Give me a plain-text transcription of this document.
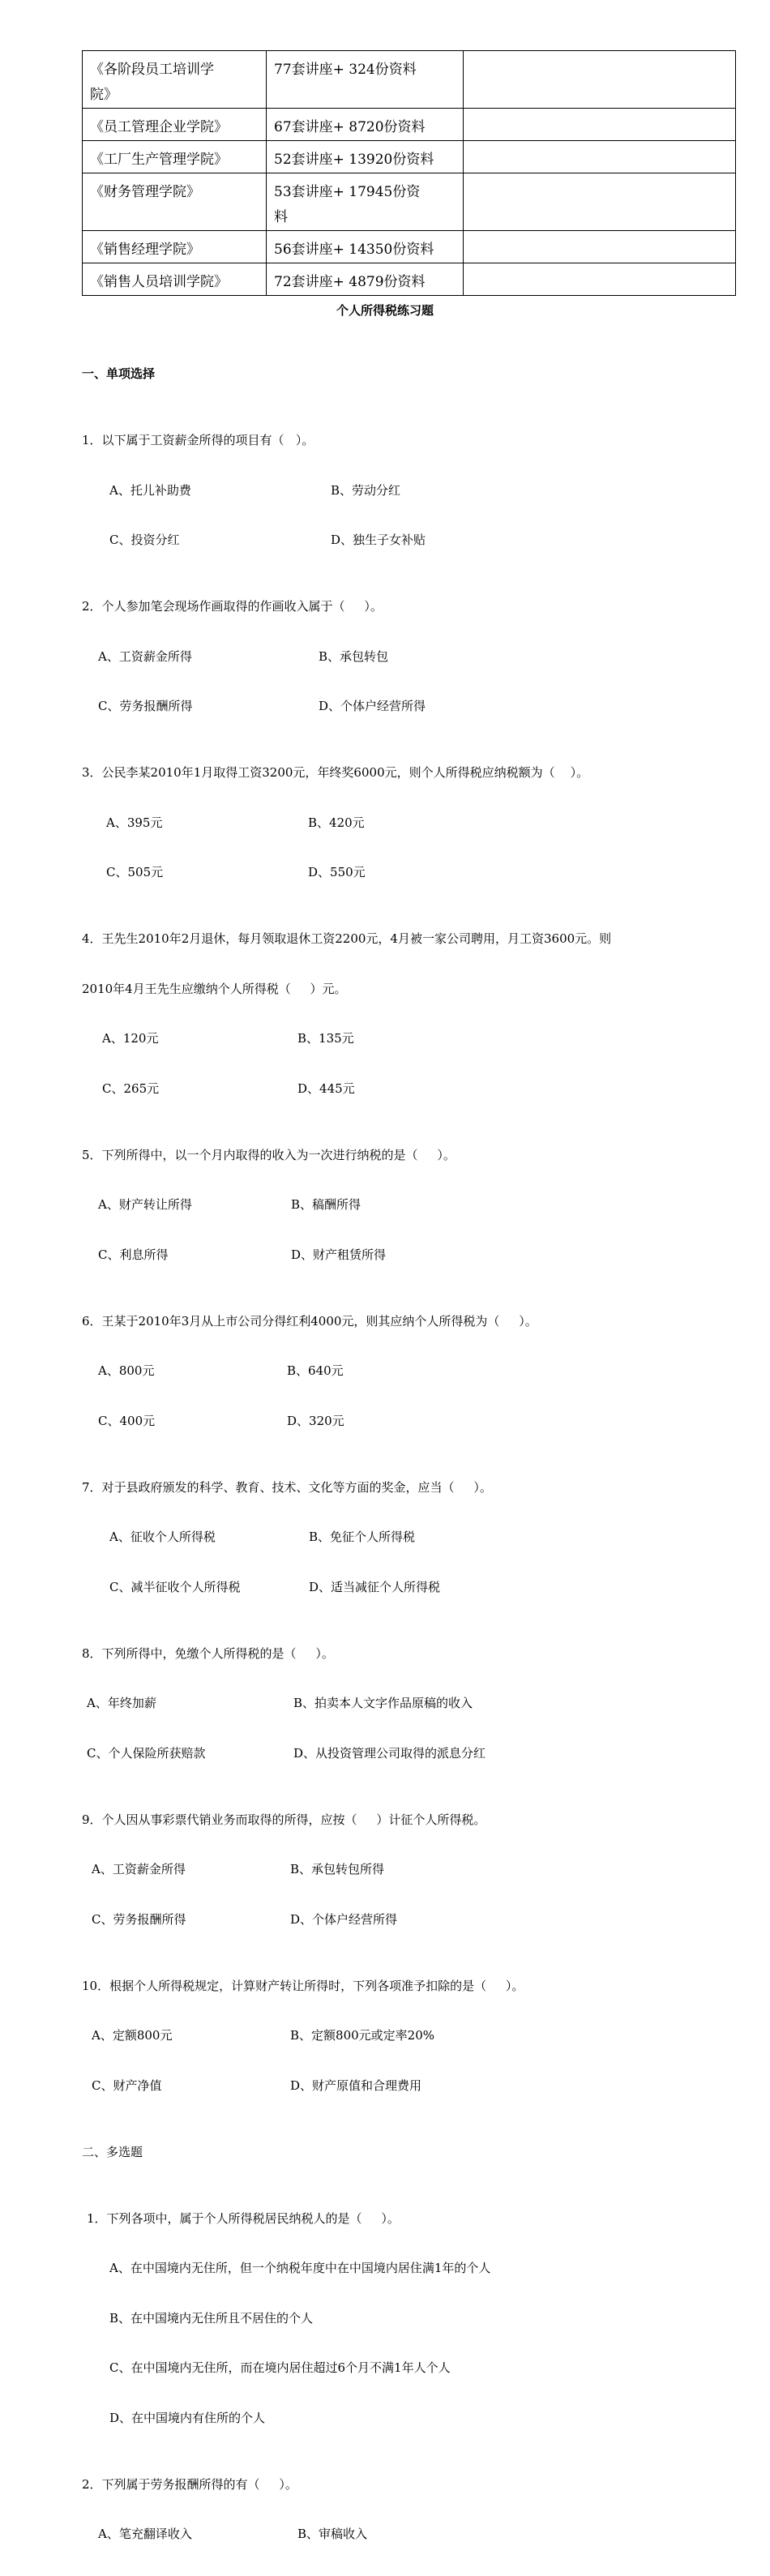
《各阶段员工培训学
院》	77套讲座+ 324份资料	
《员工管理企业学院》	67套讲座+ 8720份资料	
《工厂生产管理学院》	52套讲座+ 13920份资料	
《财务管理学院》	53套讲座+ 17945份资
料	

《销售经理学院》	56套讲座+ 14350份资料	
《销售人员培训学院》	72套讲座+ 4879份资料	
个人所得税练习题

一、单项选择

1．以下属于工资薪金所得的项目有（   ）。

A、托儿补助费	B、劳动分红

C、投资分红	D、独生子女补贴

2．个人参加笔会现场作画取得的作画收入属于（     ）。

A、工资薪金所得	B、承包转包

C、劳务报酬所得	D、个体户经营所得

3．公民李某2010年1月取得工资3200元，年终奖6000元，则个人所得税应纳税额为（    ）。

A、395元	B、420元

C、505元	D、550元

4．王先生2010年2月退休，每月领取退休工资2200元，4月被一家公司聘用，月工资3600元。则

2010年4月王先生应缴纳个人所得税（     ）元。

A、120元	B、135元

C、265元	D、445元

5．下列所得中，以一个月内取得的收入为一次进行纳税的是（     ）。

A、财产转让所得	B、稿酬所得

C、利息所得	D、财产租赁所得

6．王某于2010年3月从上市公司分得红利4000元，则其应纳个人所得税为（     ）。

A、800元	B、640元

C、400元	D、320元

7．对于县政府颁发的科学、教育、技术、文化等方面的奖金，应当（     ）。

A、征收个人所得税	B、免征个人所得税

C、减半征收个人所得税	D、适当减征个人所得税

8．下列所得中，免缴个人所得税的是（     ）。

A、年终加薪	B、拍卖本人文字作品原稿的收入

C、个人保险所获赔款	D、从投资管理公司取得的派息分红

9．个人因从事彩票代销业务而取得的所得，应按（     ）计征个人所得税。

A、工资薪金所得	B、承包转包所得

C、劳务报酬所得	D、个体户经营所得

10．根据个人所得税规定，计算财产转让所得时，下列各项准予扣除的是（     ）。

A、定额800元	B、定额800元或定率20%

C、财产净值	D、财产原值和合理费用

二、多选题

1．下列各项中，属于个人所得税居民纳税人的是（     ）。

A、在中国境内无住所，但一个纳税年度中在中国境内居住满1年的个人

B、在中国境内无住所且不居住的个人

C、在中国境内无住所，而在境内居住超过6个月不满1年人个人

D、在中国境内有住所的个人

2．下列属于劳务报酬所得的有（     ）。

A、笔充翻译收入	B、审稿收入
